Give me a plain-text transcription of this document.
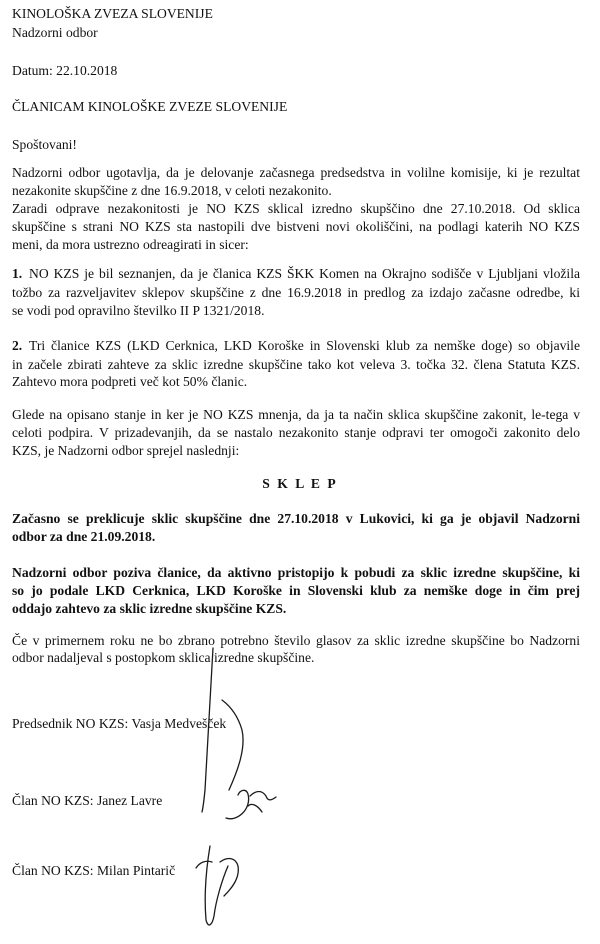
KINOLOŠKA ZVEZA SLOVENIJE
Nadzorni odbor
Datum: 22.10.2018
ČLANICAM KINOLOŠKE ZVEZE SLOVENIJE
Spoštovani!
Nadzorni odbor ugotavlja, da je delovanje začasnega predsedstva in volilne komisije, ki je rezultat
nezakonite skupščine z dne 16.9.2018, v celoti nezakonito.
Zaradi odprave nezakonitosti je NO KZS sklical izredno skupščino dne 27.10.2018. Od sklica
skupščine s strani NO KZS sta nastopili dve bistveni novi okoliščini, na podlagi katerih NO KZS
meni, da mora ustrezno odreagirati in sicer:
1. NO KZS je bil seznanjen, da je članica KZS ŠKK Komen na Okrajno sodišče v Ljubljani vložila
tožbo za razveljavitev sklepov skupščine z dne 16.9.2018 in predlog za izdajo začasne odredbe, ki
se vodi pod opravilno številko II P 1321/2018.
2. Tri članice KZS (LKD Cerknica, LKD Koroške in Slovenski klub za nemške doge) so objavile
in začele zbirati zahteve za sklic izredne skupščine tako kot veleva 3. točka 32. člena Statuta KZS.
Zahtevo mora podpreti več kot 50% članic.
Glede na opisano stanje in ker je NO KZS mnenja, da ja ta način sklica skupščine zakonit, le-tega v
celoti podpira. V prizadevanjih, da se nastalo nezakonito stanje odpravi ter omogoči zakonito delo
KZS, je Nadzorni odbor sprejel naslednji:
S K L E P
Začasno se preklicuje sklic skupščine dne 27.10.2018 v Lukovici, ki ga je objavil Nadzorni
odbor za dne 21.09.2018.
Nadzorni odbor poziva članice, da aktivno pristopijo k pobudi za sklic izredne skupščine, ki
so jo podale LKD Cerknica, LKD Koroške in Slovenski klub za nemške doge in čim prej
oddajo zahtevo za sklic izredne skupščine KZS.
Če v primernem roku ne bo zbrano potrebno število glasov za sklic izredne skupščine bo Nadzorni
odbor nadaljeval s postopkom sklica izredne skupščine.
Predsednik NO KZS: Vasja Medvešček
Član NO KZS: Janez Lavre
Član NO KZS: Milan Pintarič
